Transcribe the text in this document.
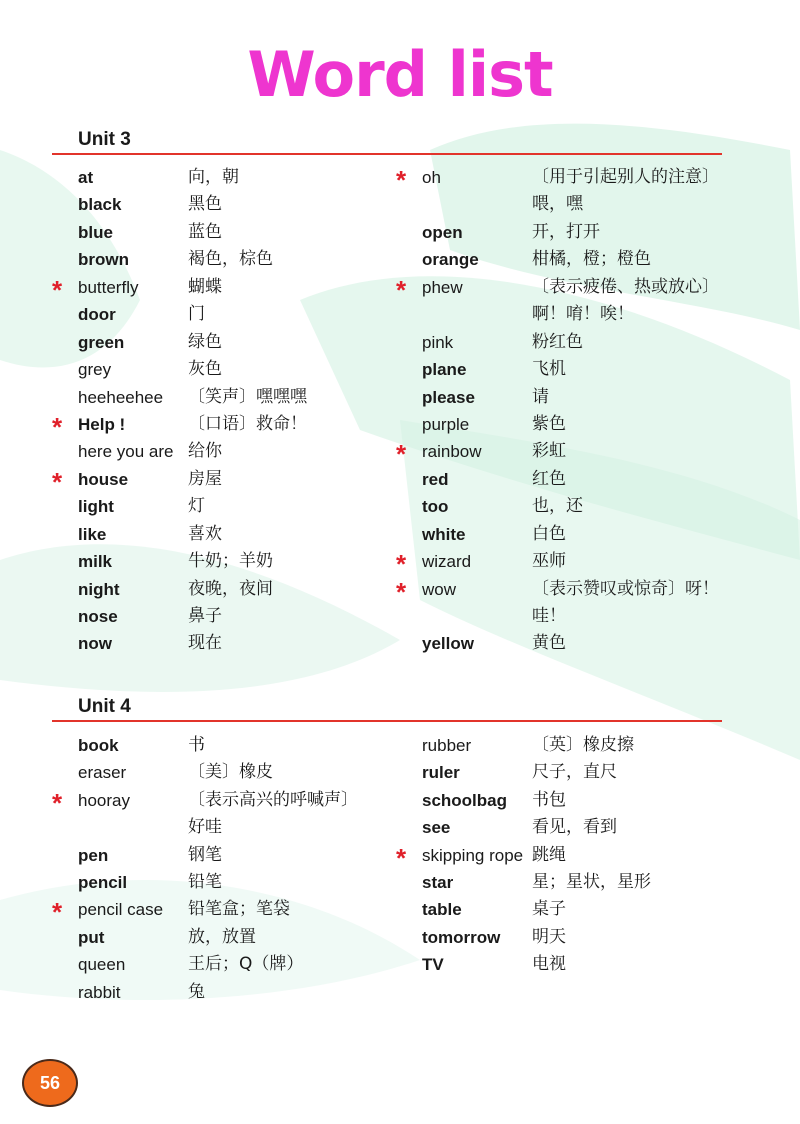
Word list
Unit 3
at	向，朝
black	黑色
blue	蓝色
brown	褐色，棕色
* butterfly	蝴蝶
door	门
green	绿色
grey	灰色
heeheehee 〔笑声〕嘿嘿嘿
* Help !	〔口语〕救命！
here you are 给你
* house	房屋
light	灯
like	喜欢
milk	牛奶；羊奶
night	夜晚，夜间
nose	鼻子
now	现在
* oh	〔用于引起别人的注意〕
喂，嘿
open	开，打开
orange	柑橘，橙；橙色
* phew	〔表示疲倦、热或放心〕
啊！唷！唉！
pink	粉红色
plane	飞机
please	请
purple	紫色
* rainbow	彩虹
red	红色
too	也，还
white	白色
* wizard	巫师
* wow	〔表示赞叹或惊奇〕呀！
哇！
yellow	黄色
Unit 4
book	书
eraser	〔美〕橡皮
* hooray	〔表示高兴的呼喊声〕
好哇
pen	钢笔
pencil	铅笔
* pencil case 铅笔盒；笔袋
put	放，放置
queen	王后；Q（牌）
rabbit	兔
rubber	〔英〕橡皮擦
ruler	尺子，直尺
schoolbag 书包
see	看见，看到
* skipping rope 跳绳
star	星；星状，星形
table	桌子
tomorrow 明天
TV	电视
56
